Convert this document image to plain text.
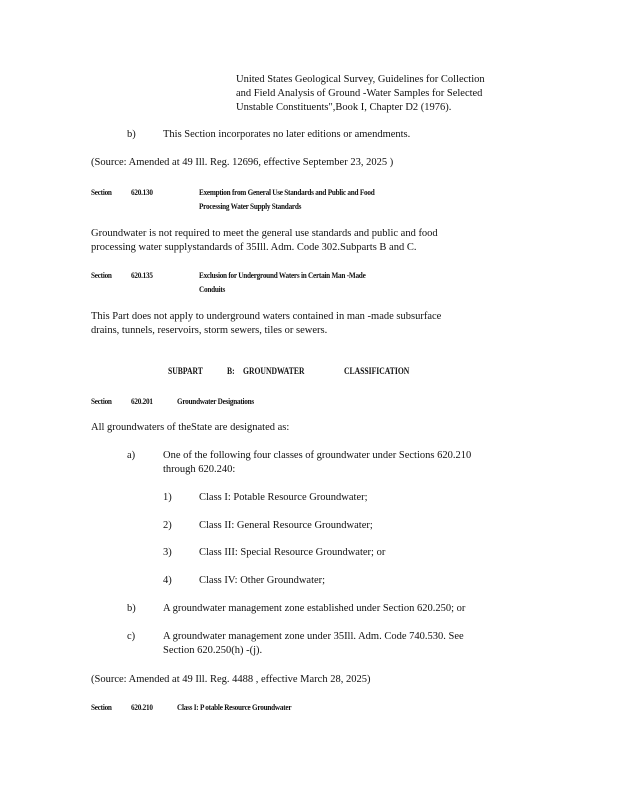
United States Geological Survey, Guidelines for Collection
and Field Analysis of Ground -Water Samples for Selected
Unstable Constituents",Book I, Chapter D2 (1976).
b)	This Section incorporates no later editions or amendments.
(Source: Amended at 49 Ill. Reg. 12696, effective September 23, 2025 )
Section 620.130	Exemption from General Use Standards and Public and Food
Processing Water Supply Standards
Groundwater is not required to meet the general use standards and public and food
processing water supplystandards of 35Ill. Adm. Code 302.Subparts B and C.
Section 620.135	Exclusion for Underground Waters in Certain Man -Made
Conduits
This Part does not apply to underground waters contained in man -made subsurface
drains, tunnels, reservoirs, storm sewers, tiles or sewers.
SUBPART	B: GROUNDWATER	CLASSIFICATION
Section 620.201	Groundwater Designations
All groundwaters of theState are designated as:
a)	One of the following four classes of groundwater under Sections 620.210
through 620.240:
1)	Class I: Potable Resource Groundwater;
2)	Class II: General Resource Groundwater;
3)	Class III: Special Resource Groundwater; or
4)	Class IV: Other Groundwater;
b)	A groundwater management zone established under Section 620.250; or
c)	A groundwater management zone under 35Ill. Adm. Code 740.530. See
Section 620.250(h) -(j).
(Source: Amended at 49 Ill. Reg. 4488 , effective March 28, 2025)
Section 620.210	Class I: P otable Resource Groundwater
